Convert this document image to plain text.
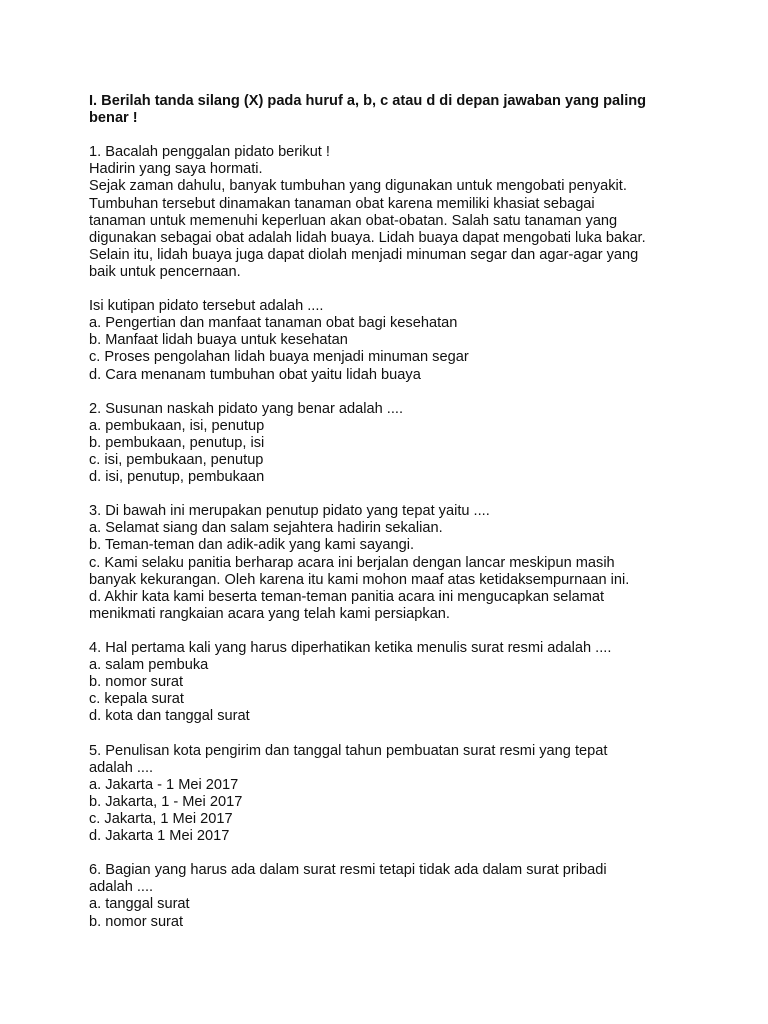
I. Berilah tanda silang (X) pada huruf a, b, c atau d di depan jawaban yang paling
benar !
1. Bacalah penggalan pidato berikut !
Hadirin yang saya hormati.
Sejak zaman dahulu, banyak tumbuhan yang digunakan untuk mengobati penyakit.
Tumbuhan tersebut dinamakan tanaman obat karena memiliki khasiat sebagai
tanaman untuk memenuhi keperluan akan obat-obatan. Salah satu tanaman yang
digunakan sebagai obat adalah lidah buaya. Lidah buaya dapat mengobati luka bakar.
Selain itu, lidah buaya juga dapat diolah menjadi minuman segar dan agar-agar yang
baik untuk pencernaan.

Isi kutipan pidato tersebut adalah ....
a. Pengertian dan manfaat tanaman obat bagi kesehatan
b. Manfaat lidah buaya untuk kesehatan
c. Proses pengolahan lidah buaya menjadi minuman segar
d. Cara menanam tumbuhan obat yaitu lidah buaya
2. Susunan naskah pidato yang benar adalah ....
a. pembukaan, isi, penutup
b. pembukaan, penutup, isi
c. isi, pembukaan, penutup
d. isi, penutup, pembukaan
3. Di bawah ini merupakan penutup pidato yang tepat yaitu ....
a. Selamat siang dan salam sejahtera hadirin sekalian.
b. Teman-teman dan adik-adik yang kami sayangi.
c. Kami selaku panitia berharap acara ini berjalan dengan lancar meskipun masih
banyak kekurangan. Oleh karena itu kami mohon maaf atas ketidaksempurnaan ini.
d. Akhir kata kami beserta teman-teman panitia acara ini mengucapkan selamat
menikmati rangkaian acara yang telah kami persiapkan.
4. Hal pertama kali yang harus diperhatikan ketika menulis surat resmi adalah ....
a. salam pembuka
b. nomor surat
c. kepala surat
d. kota dan tanggal surat
5. Penulisan kota pengirim dan tanggal tahun pembuatan surat resmi yang tepat
adalah ....
a. Jakarta - 1 Mei 2017
b. Jakarta, 1 - Mei 2017
c. Jakarta, 1 Mei 2017
d. Jakarta 1 Mei 2017
6. Bagian yang harus ada dalam surat resmi tetapi tidak ada dalam surat pribadi
adalah ....
a. tanggal surat
b. nomor surat
